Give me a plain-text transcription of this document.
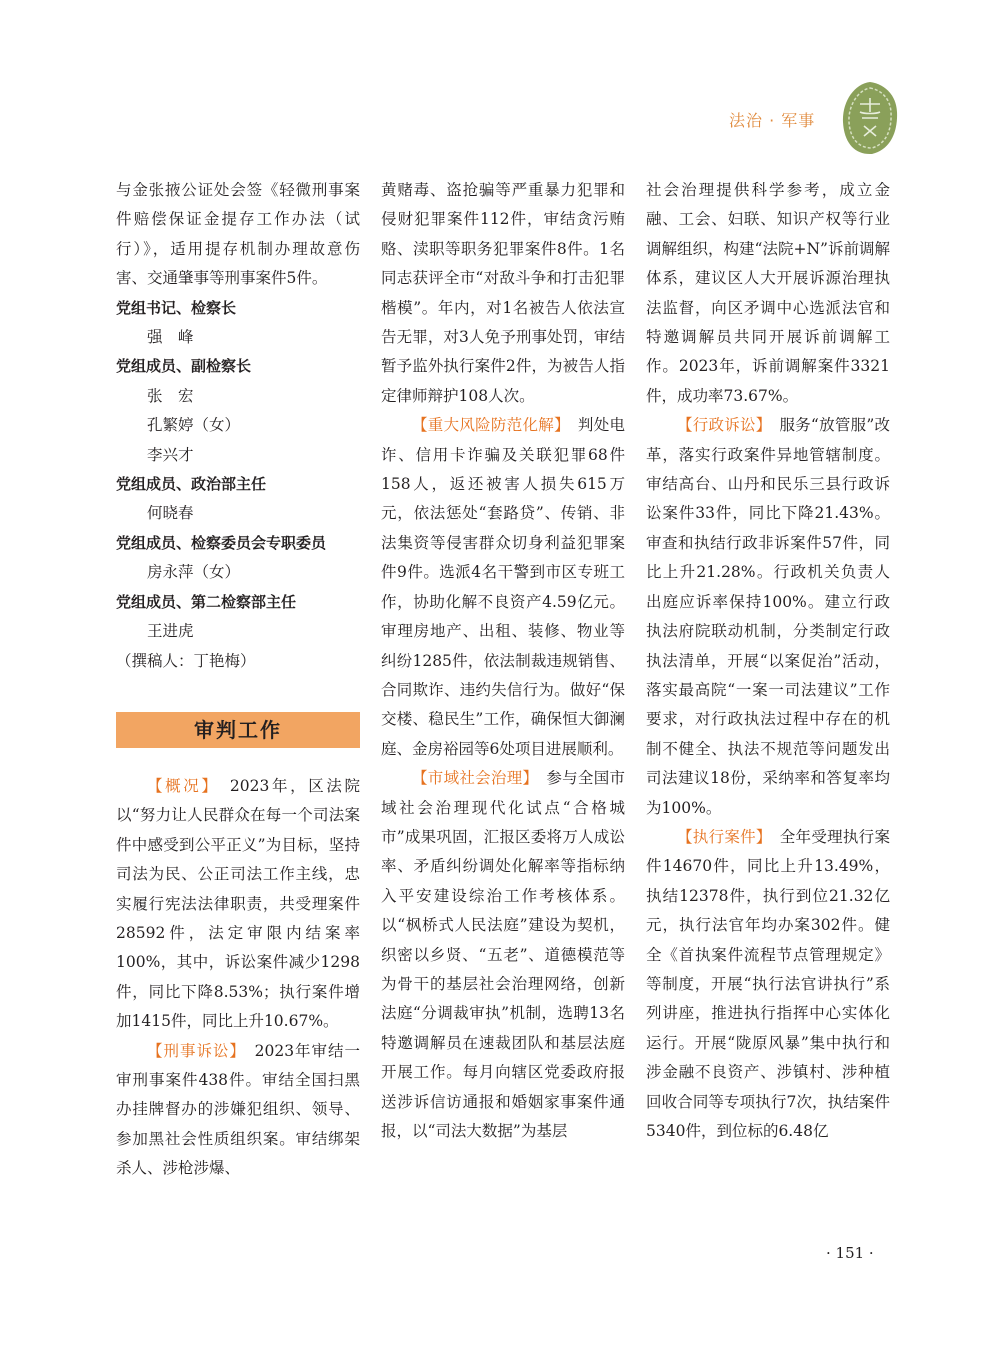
法治 · 军事

与金张掖公证处会签《轻微刑事案件赔偿保证金提存工作办法（试行）》，适用提存机制办理故意伤害、交通肇事等刑事案件5件。

党组书记、检察长

强　峰

党组成员、副检察长

张　宏

孔繁婷（女）

李兴才

党组成员、政治部主任

何晓春

党组成员、检察委员会专职委员

房永萍（女）

党组成员、第二检察部主任

王进虎

（撰稿人：丁艳梅）

审判工作

【概况】　2023年，区法院以“努力让人民群众在每一个司法案件中感受到公平正义”为目标，坚持司法为民、公正司法工作主线，忠实履行宪法法律职责，共受理案件28592件，法定审限内结案率100%，其中，诉讼案件减少1298件，同比下降8.53%；执行案件增加1415件，同比上升10.67%。

【刑事诉讼】　2023年审结一审刑事案件438件。审结全国扫黑办挂牌督办的涉嫌犯组织、领导、参加黑社会性质组织案。审结绑架杀人、涉枪涉爆、

黄赌毒、盗抢骗等严重暴力犯罪和侵财犯罪案件112件，审结贪污贿赂、渎职等职务犯罪案件8件。1名同志获评全市“对敌斗争和打击犯罪楷模”。年内，对1名被告人依法宣告无罪，对3人免予刑事处罚，审结暂予监外执行案件2件，为被告人指定律师辩护108人次。

【重大风险防范化解】　判处电诈、信用卡诈骗及关联犯罪68件158人，返还被害人损失615万元，依法惩处“套路贷”、传销、非法集资等侵害群众切身利益犯罪案件9件。选派4名干警到市区专班工作，协助化解不良资产4.59亿元。审理房地产、出租、装修、物业等纠纷1285件，依法制裁违规销售、合同欺诈、违约失信行为。做好“保交楼、稳民生”工作，确保恒大御澜庭、金房裕园等6处项目进展顺利。

【市域社会治理】　参与全国市域社会治理现代化试点“合格城市”成果巩固，汇报区委将万人成讼率、矛盾纠纷调处化解率等指标纳入平安建设综治工作考核体系。以“枫桥式人民法庭”建设为契机，织密以乡贤、“五老”、道德模范等为骨干的基层社会治理网络，创新法庭“分调裁审执”机制，选聘13名特邀调解员在速裁团队和基层法庭开展工作。每月向辖区党委政府报送涉诉信访通报和婚姻家事案件通报，以“司法大数据”为基层

社会治理提供科学参考，成立金融、工会、妇联、知识产权等行业调解组织，构建“法院+N”诉前调解体系，建议区人大开展诉源治理执法监督，向区矛调中心选派法官和特邀调解员共同开展诉前调解工作。2023年，诉前调解案件3321件，成功率73.67%。

【行政诉讼】　服务“放管服”改革，落实行政案件异地管辖制度。审结高台、山丹和民乐三县行政诉讼案件33件，同比下降21.43%。审查和执结行政非诉案件57件，同比上升21.28%。行政机关负责人出庭应诉率保持100%。建立行政执法府院联动机制，分类制定行政执法清单，开展“以案促治”活动，落实最高院“一案一司法建议”工作要求，对行政执法过程中存在的机制不健全、执法不规范等问题发出司法建议18份，采纳率和答复率均为100%。

【执行案件】　全年受理执行案件14670件，同比上升13.49%，执结12378件，执行到位21.32亿元，执行法官年均办案302件。健全《首执案件流程节点管理规定》等制度，开展“执行法官讲执行”系列讲座，推进执行指挥中心实体化运行。开展“陇原风暴”集中执行和涉金融不良资产、涉镇村、涉种植回收合同等专项执行7次，执结案件5340件，到位标的6.48亿

· 151 ·
